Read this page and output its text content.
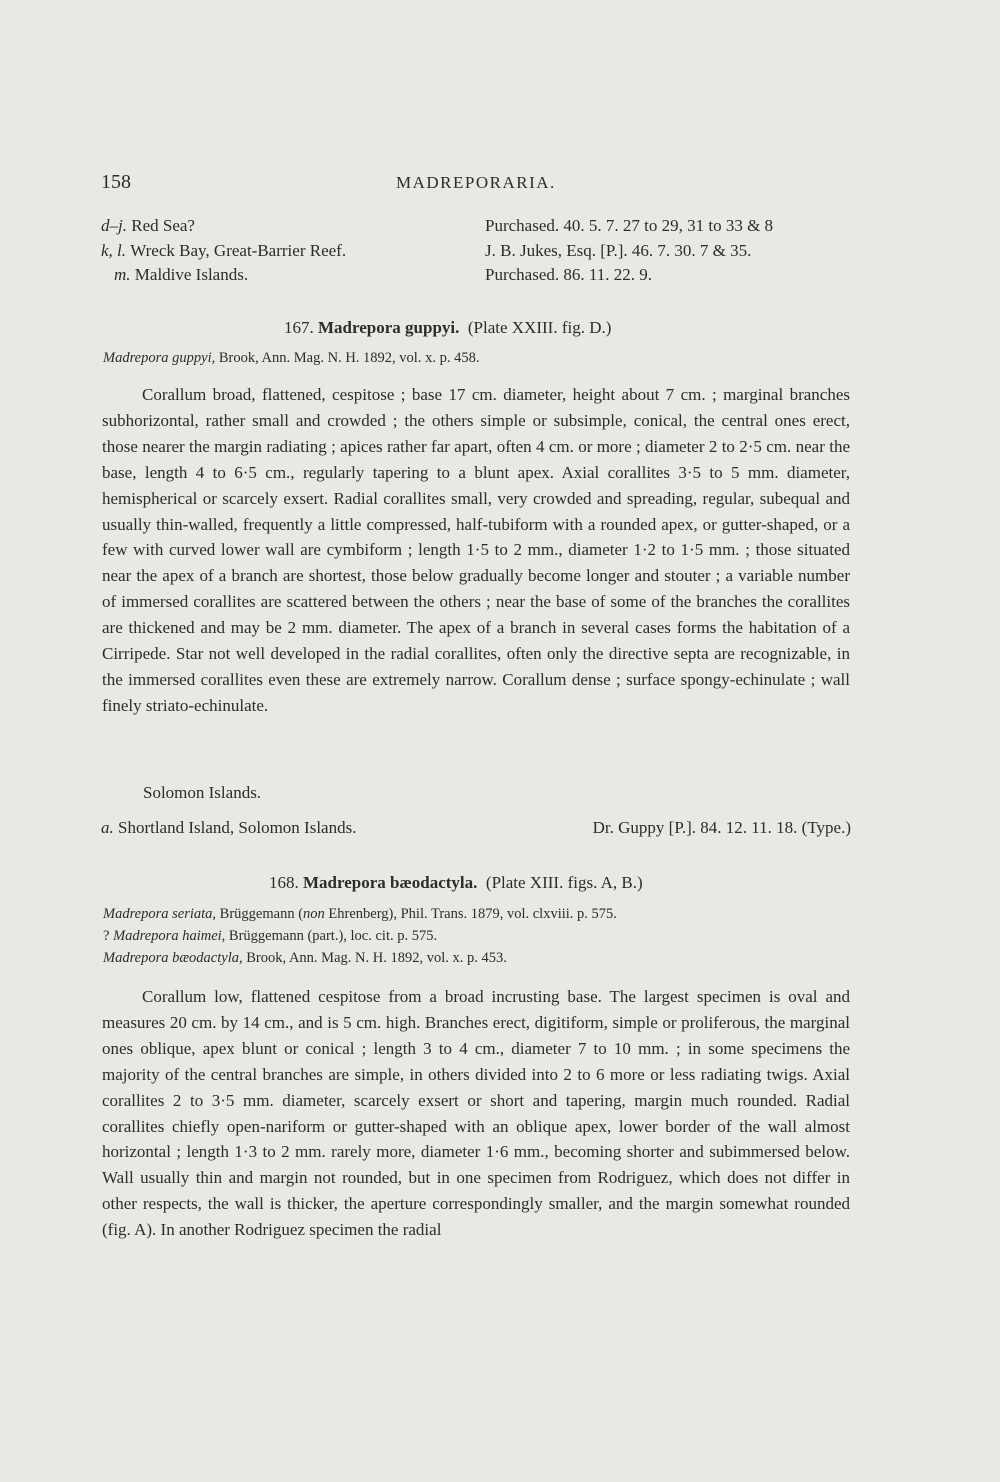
158	MADREPORARIA.
d–j. Red Sea?	Purchased. 40. 5. 7. 27 to 29, 31 to 33 & 8
k, l. Wreck Bay, Great-Barrier Reef.	J. B. Jukes, Esq. [P.]. 46. 7. 30. 7 & 35.
m. Maldive Islands.	Purchased. 86. 11. 22. 9.
167. Madrepora guppyi. (Plate XXIII. fig. D.)
Madrepora guppyi, Brook, Ann. Mag. N. H. 1892, vol. x. p. 458.

Corallum broad, flattened, cespitose ; base 17 cm. diameter, height about 7 cm. ; marginal branches subhorizontal, rather small and crowded ; the others simple or subsimple, conical, the central ones erect, those nearer the margin radiating ; apices rather far apart, often 4 cm. or more ; diameter 2 to 2·5 cm. near the base, length 4 to 6·5 cm., regularly tapering to a blunt apex. Axial corallites 3·5 to 5 mm. diameter, hemispherical or scarcely exsert. Radial corallites small, very crowded and spreading, regular, subequal and usually thin-walled, frequently a little compressed, half-tubiform with a rounded apex, or gutter-shaped, or a few with curved lower wall are cymbiform ; length 1·5 to 2 mm., diameter 1·2 to 1·5 mm. ; those situated near the apex of a branch are shortest, those below gradually become longer and stouter ; a variable number of immersed corallites are scattered between the others ; near the base of some of the branches the corallites are thickened and may be 2 mm. diameter. The apex of a branch in several cases forms the habitation of a Cirripede. Star not well developed in the radial corallites, often only the directive septa are recognizable, in the immersed corallites even these are extremely narrow. Corallum dense ; surface spongy-echinulate ; wall finely striato-echinulate.

Solomon Islands.
a. Shortland Island, Solomon Islands.	Dr. Guppy [P.]. 84. 12. 11. 18. (Type.)
168. Madrepora bæodactyla. (Plate XIII. figs. A, B.)
Madrepora seriata, Brüggemann (non Ehrenberg), Phil. Trans. 1879, vol. clxviii. p. 575.
? Madrepora haimei, Brüggemann (part.), loc. cit. p. 575.
Madrepora bæodactyla, Brook, Ann. Mag. N. H. 1892, vol. x. p. 453.

Corallum low, flattened cespitose from a broad incrusting base. The largest specimen is oval and measures 20 cm. by 14 cm., and is 5 cm. high. Branches erect, digitiform, simple or proliferous, the marginal ones oblique, apex blunt or conical ; length 3 to 4 cm., diameter 7 to 10 mm. ; in some specimens the majority of the central branches are simple, in others divided into 2 to 6 more or less radiating twigs. Axial corallites 2 to 3·5 mm. diameter, scarcely exsert or short and tapering, margin much rounded. Radial corallites chiefly open-nariform or gutter-shaped with an oblique apex, lower border of the wall almost horizontal ; length 1·3 to 2 mm. rarely more, diameter 1·6 mm., becoming shorter and subimmersed below. Wall usually thin and margin not rounded, but in one specimen from Rodriguez, which does not differ in other respects, the wall is thicker, the aperture correspondingly smaller, and the margin somewhat rounded (fig. A). In another Rodriguez specimen the radial
